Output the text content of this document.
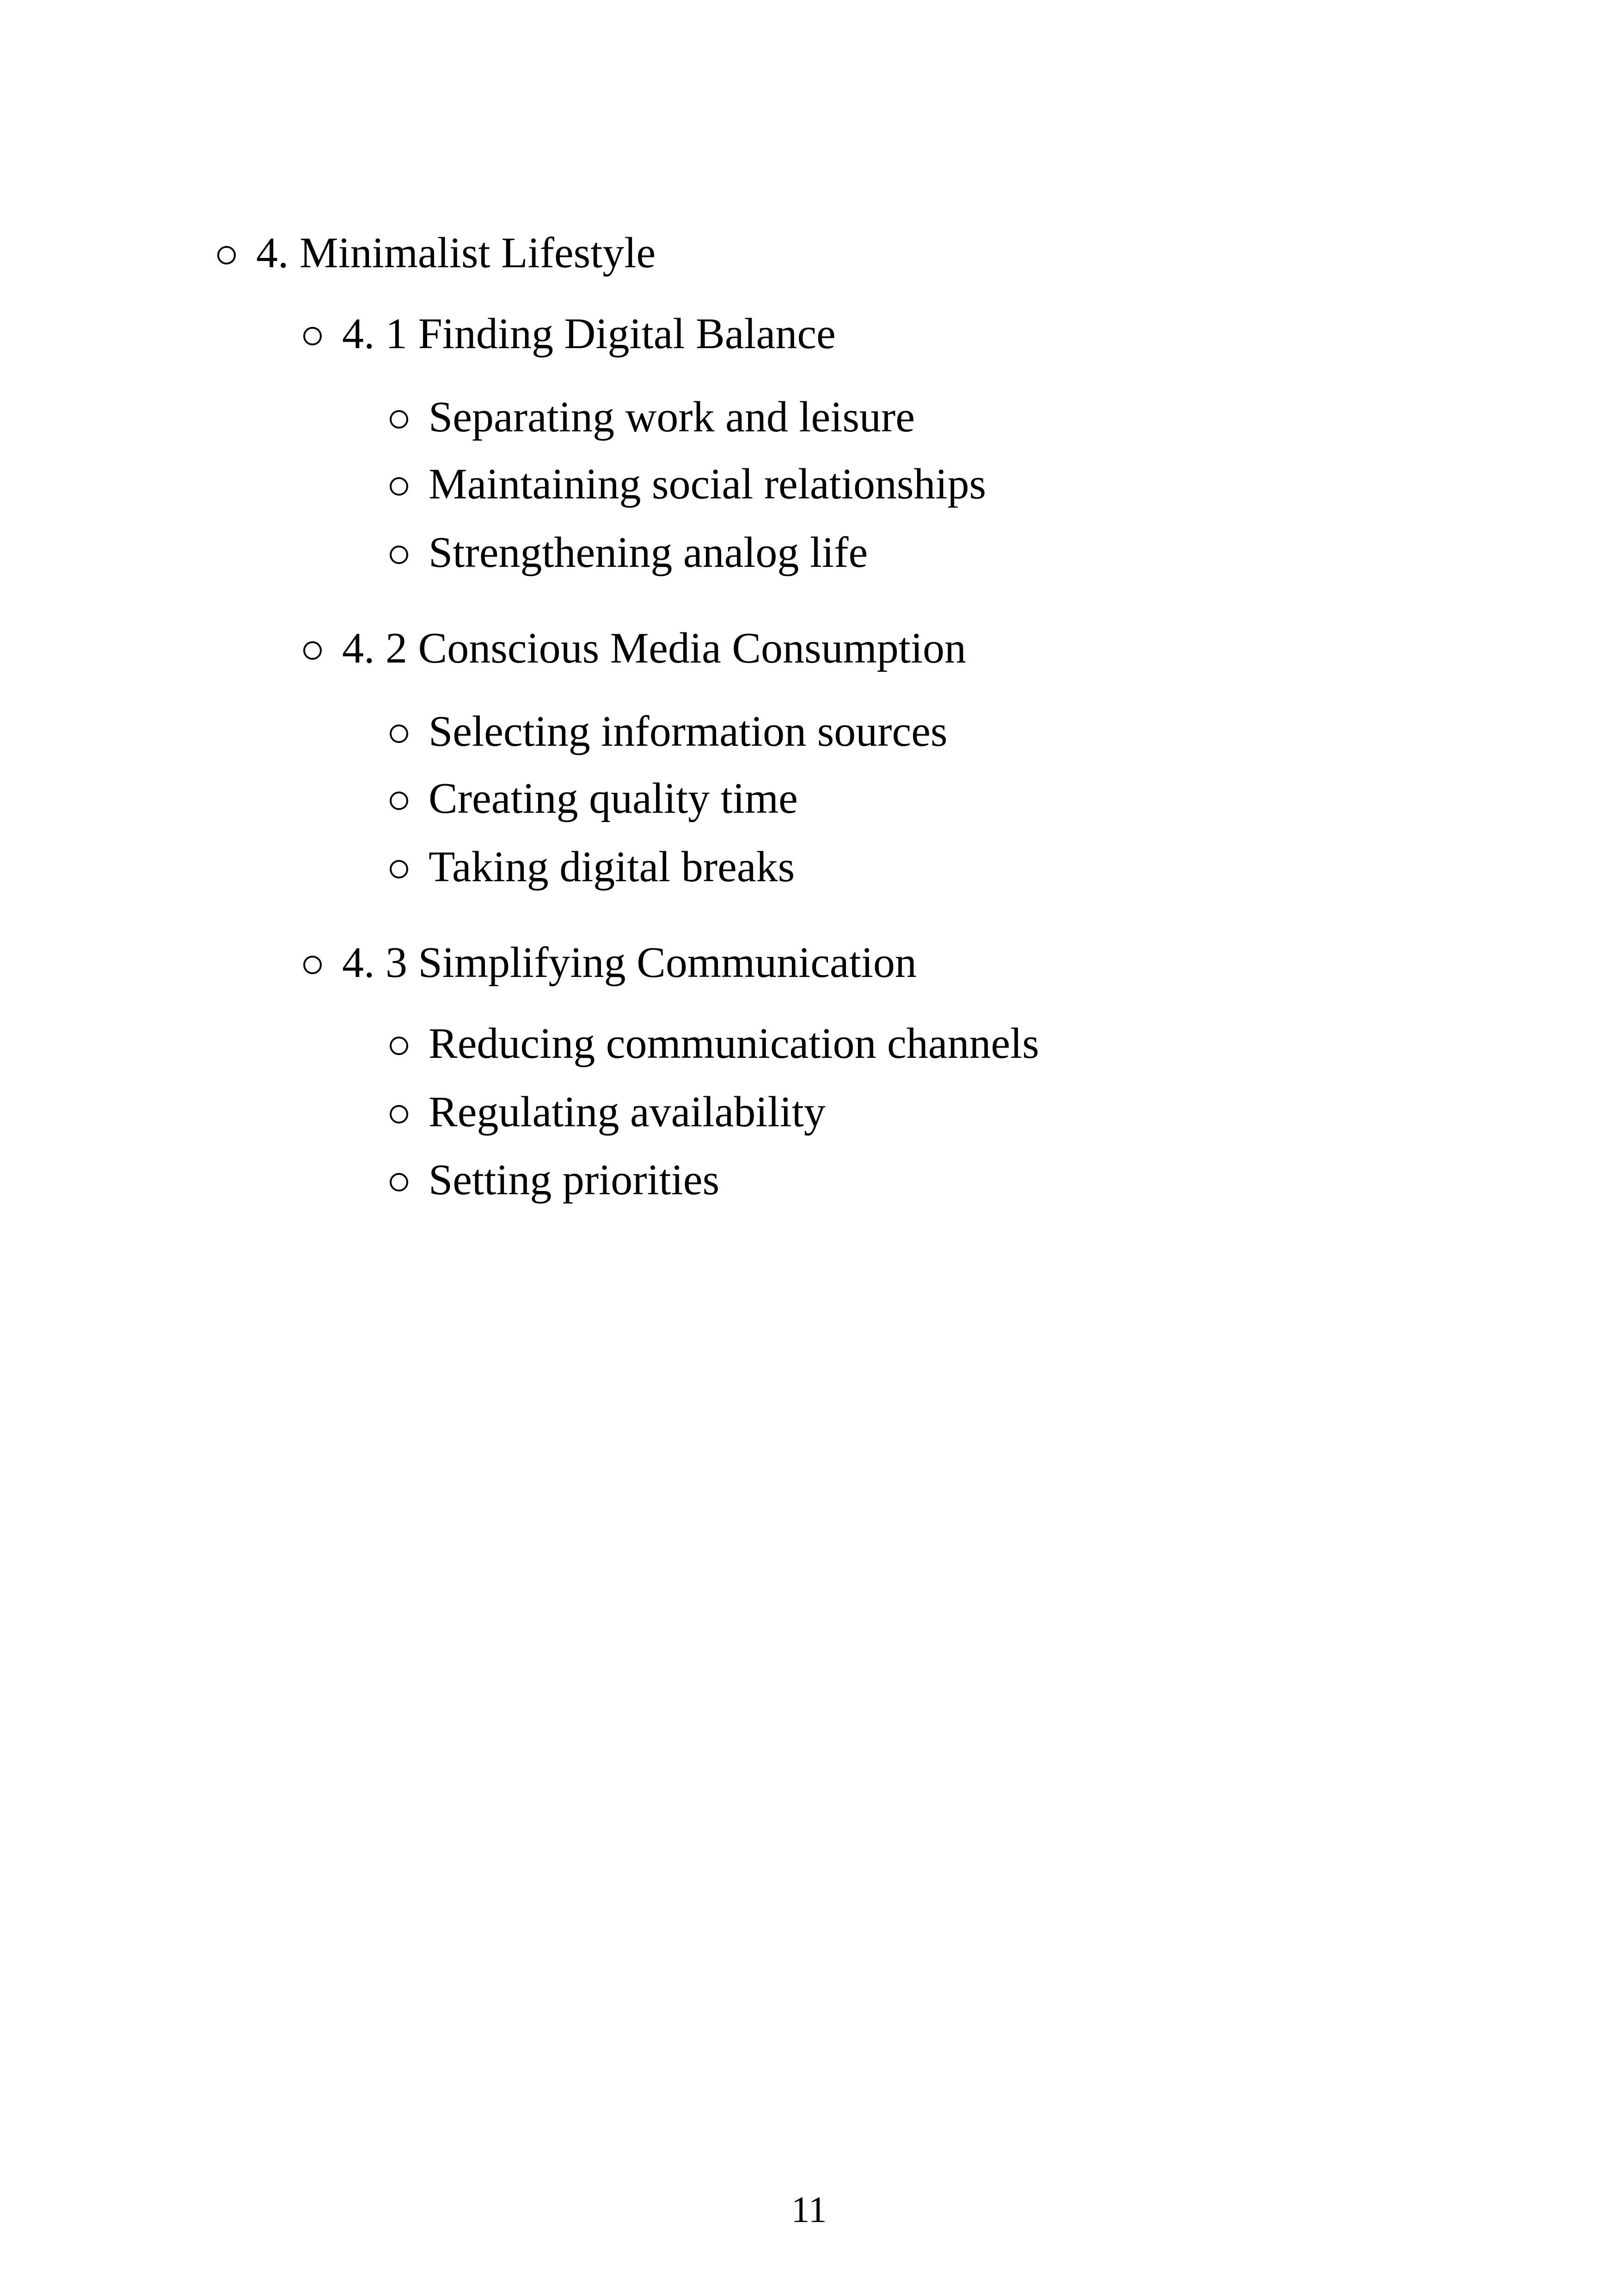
4. Minimalist Lifestyle
4. 1 Finding Digital Balance
Separating work and leisure
Maintaining social relationships
Strengthening analog life
4. 2 Conscious Media Consumption
Selecting information sources
Creating quality time
Taking digital breaks
4. 3 Simplifying Communication
Reducing communication channels
Regulating availability
Setting priorities
11
